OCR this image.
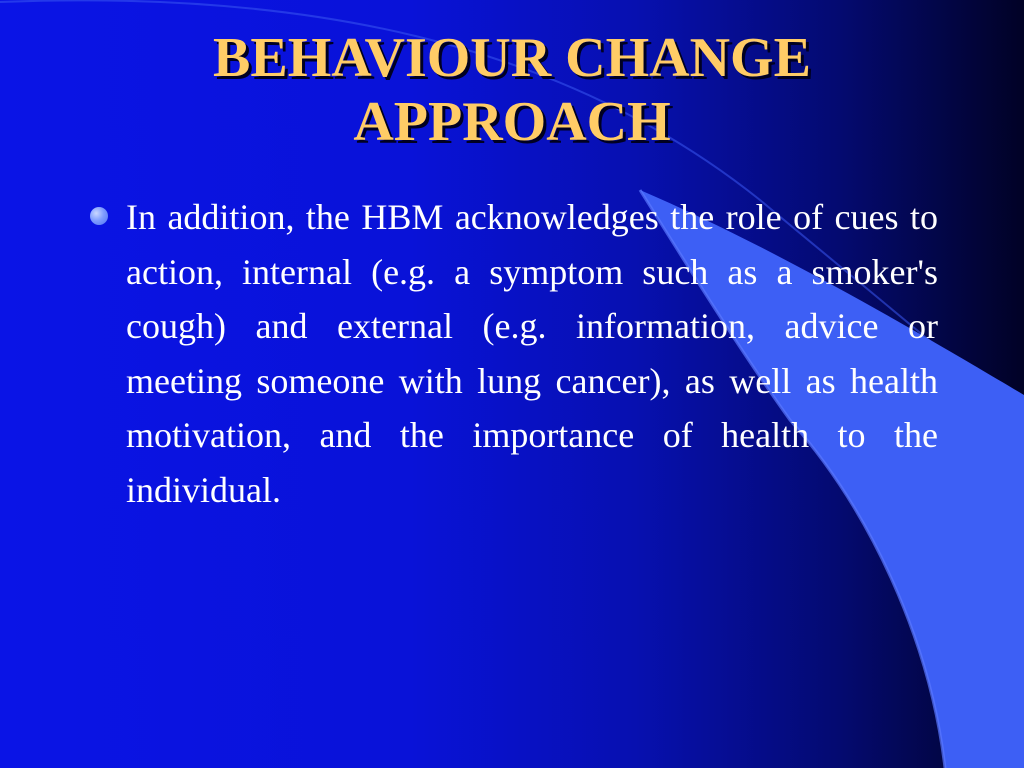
BEHAVIOUR CHANGE
APPROACH

In addition, the HBM acknowledges the role of cues to action, internal (e.g. a symptom such as a smoker's cough) and external (e.g. information, advice or meeting someone with lung cancer), as well as health motivation, and the importance of health to the individual.
